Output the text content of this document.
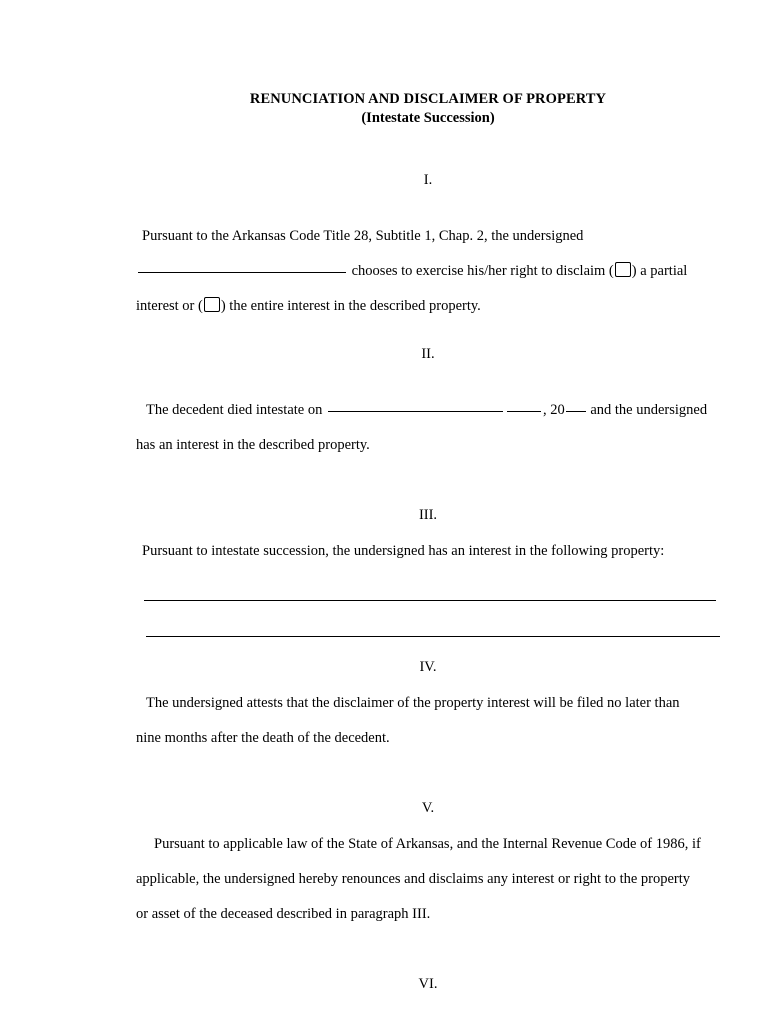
RENUNCIATION AND DISCLAIMER OF PROPERTY
(Intestate Succession)
I.
Pursuant to the Arkansas Code Title 28, Subtitle 1, Chap. 2, the undersigned
chooses to exercise his/her right to disclaim ( ) a partial
interest or ( ) the entire interest in the described property.
II.
The decedent died intestate on	, 20 and the undersigned
has an interest in the described property.
III.
Pursuant to intestate succession, the undersigned has an interest in the following property:
IV.
The undersigned attests that the disclaimer of the property interest will be filed no later than
nine months after the death of the decedent.
V.
Pursuant to applicable law of the State of Arkansas, and the Internal Revenue Code of 1986, if
applicable, the undersigned hereby renounces and disclaims any interest or right to the property
or asset of the deceased described in paragraph III.
VI.
